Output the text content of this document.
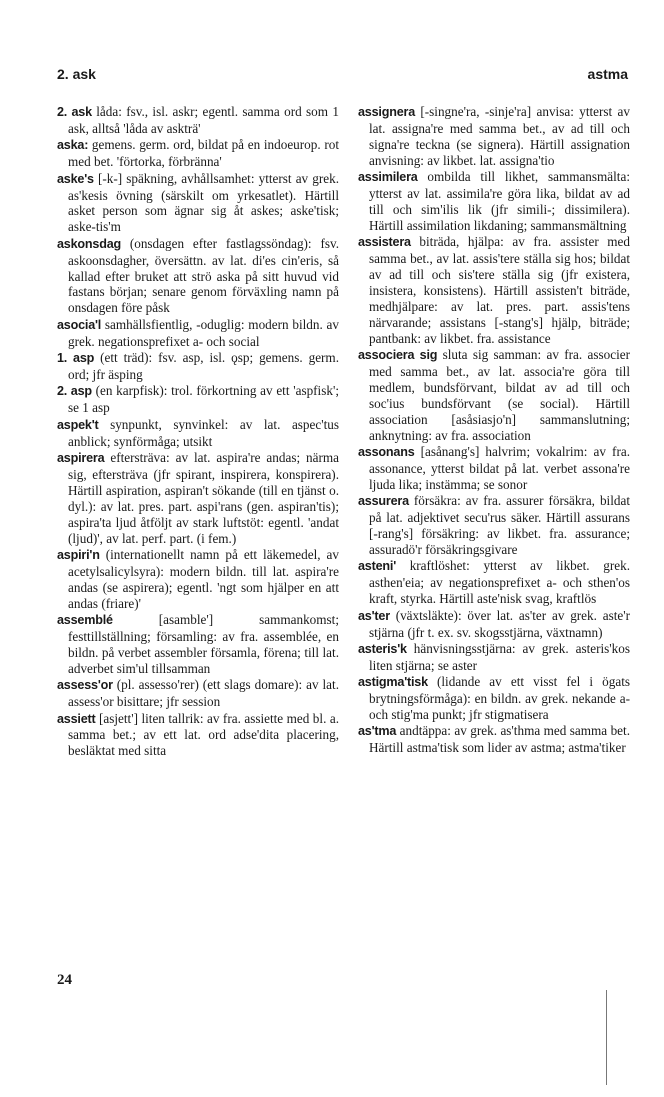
2. ask	astma

2. ask låda: fsv., isl. askr; egentl. samma ord som 1 ask, alltså 'låda av askträ'

aska: gemens. germ. ord, bildat på en indoeurop. rot med bet. 'förtorka, förbränna'

aske's [-k-] späkning, avhållsamhet: ytterst av grek. as'kesis övning (särskilt om yrkesatlet). Härtill asket person som ägnar sig åt askes; aske'tisk; aske-tis'm

askonsdag (onsdagen efter fastlagssöndag): fsv. askoonsdagher, översättn. av lat. di'es cin'eris, så kallad efter bruket att strö aska på sitt huvud vid fastans början; senare genom förväxling namn på onsdagen före påsk

asocia'l samhällsfientlig, -oduglig: modern bildn. av grek. negationsprefixet a- och social

1. asp (ett träd): fsv. asp, isl. ǫsp; gemens. germ. ord; jfr äsping

2. asp (en karpfisk): trol. förkortning av ett 'aspfisk'; se 1 asp

aspek't synpunkt, synvinkel: av lat. aspec'tus anblick; synförmåga; utsikt

aspirera eftersträva: av lat. aspira're andas; närma sig, eftersträva (jfr spirant, inspirera, konspirera). Härtill aspiration, aspiran't sökande (till en tjänst o. dyl.): av lat. pres. part. aspi'rans (gen. aspiran'tis); aspira'ta ljud åtföljt av stark luftstöt: egentl. 'andat (ljud)', av lat. perf. part. (i fem.)

aspiri'n (internationellt namn på ett läkemedel, av acetylsalicylsyra): modern bildn. till lat. aspira're andas (se aspirera); egentl. 'ngt som hjälper en att andas (friare)'

assemblé [asamble'] sammankomst; festtillställning; församling: av fra. assemblée, en bildn. på verbet assembler församla, förena; till lat. adverbet sim'ul tillsamman

assess'or (pl. assesso'rer) (ett slags domare): av lat. assess'or bisittare; jfr session

assiett [asjett'] liten tallrik: av fra. assiette med bl. a. samma bet.; av ett lat. ord adse'dita placering, besläktat med sitta

assignera [-singne'ra, -sinje'ra] anvisa: ytterst av lat. assigna're med samma bet., av ad till och signa're teckna (se signera). Härtill assignation anvisning: av likbet. lat. assigna'tio

assimilera ombilda till likhet, sammansmälta: ytterst av lat. assimila're göra lika, bildat av ad till och sim'ilis lik (jfr simili-; dissimilera). Härtill assimilation likdaning; sammansmältning

assistera biträda, hjälpa: av fra. assister med samma bet., av lat. assis'tere ställa sig hos; bildat av ad till och sis'tere ställa sig (jfr existera, insistera, konsistens). Härtill assisten't biträde, medhjälpare: av lat. pres. part. assis'tens närvarande; assistans [-stang's] hjälp, biträde; pantbank: av likbet. fra. assistance

associera sig sluta sig samman: av fra. associer med samma bet., av lat. associa're göra till medlem, bundsförvant, bildat av ad till och soc'ius bundsförvant (se social). Härtill association [asåsiasjo'n] sammanslutning; anknytning: av fra. association

assonans [asånang's] halvrim; vokalrim: av fra. assonance, ytterst bildat på lat. verbet assona're ljuda lika; instämma; se sonor

assurera försäkra: av fra. assurer försäkra, bildat på lat. adjektivet secu'rus säker. Härtill assurans [-rang's] försäkring: av likbet. fra. assurance; assuradö'r försäkringsgivare

asteni' kraftlöshet: ytterst av likbet. grek. asthen'eia; av negationsprefixet a- och sthen'os kraft, styrka. Härtill aste'nisk svag, kraftlös

as'ter (växtsläkte): över lat. as'ter av grek. aste'r stjärna (jfr t. ex. sv. skogsstjärna, växtnamn)

asteris'k hänvisningsstjärna: av grek. asteris'kos liten stjärna; se aster

astigma'tisk (lidande av ett visst fel i ögats brytningsförmåga): en bildn. av grek. nekande a- och stig'ma punkt; jfr stigmatisera

as'tma andtäppa: av grek. as'thma med samma bet. Härtill astma'tisk som lider av astma; astma'tiker

24
